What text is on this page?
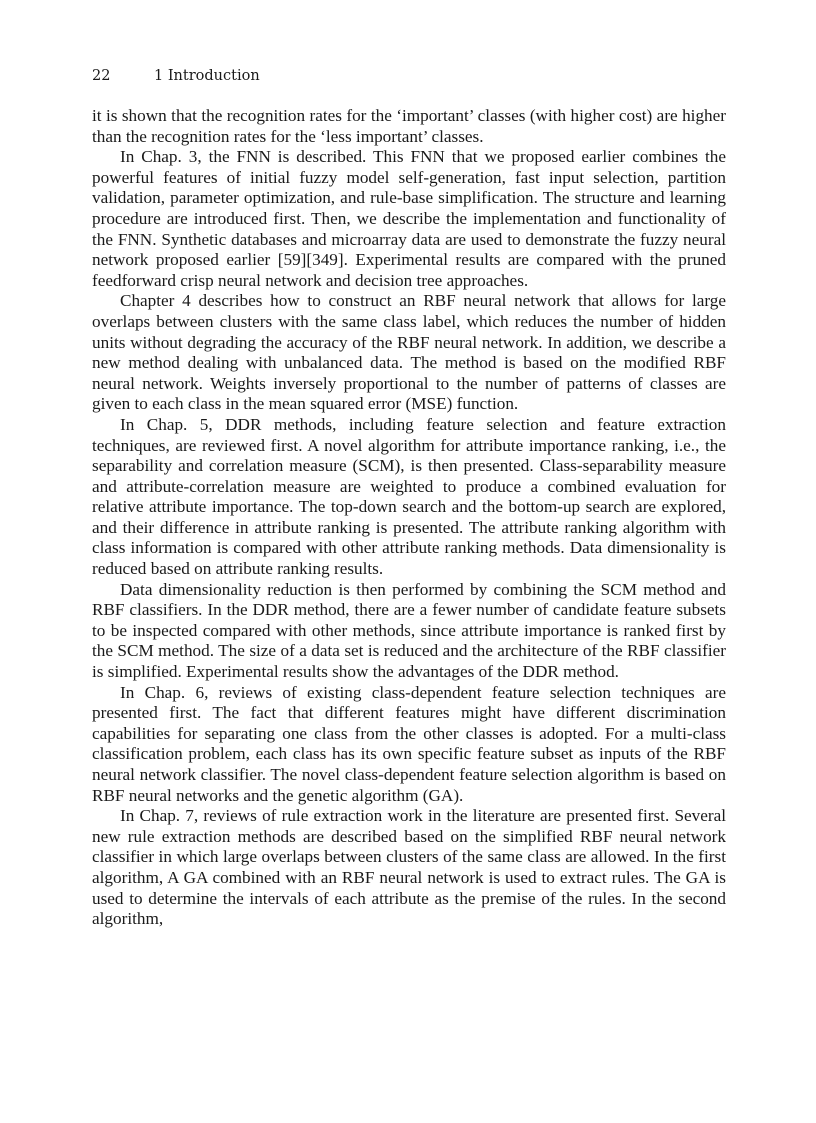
22	1 Introduction

it is shown that the recognition rates for the ‘important’ classes (with higher cost) are higher than the recognition rates for the ‘less important’ classes.

In Chap. 3, the FNN is described. This FNN that we proposed earlier combines the powerful features of initial fuzzy model self-generation, fast input selection, partition validation, parameter optimization, and rule-base simplification. The structure and learning procedure are introduced first. Then, we describe the implementation and functionality of the FNN. Synthetic databases and microarray data are used to demonstrate the fuzzy neural network proposed earlier [59][349]. Experimental results are compared with the pruned feedforward crisp neural network and decision tree approaches.

Chapter 4 describes how to construct an RBF neural network that allows for large overlaps between clusters with the same class label, which reduces the number of hidden units without degrading the accuracy of the RBF neural network. In addition, we describe a new method dealing with unbalanced data. The method is based on the modified RBF neural network. Weights inversely proportional to the number of patterns of classes are given to each class in the mean squared error (MSE) function.

In Chap. 5, DDR methods, including feature selection and feature extraction techniques, are reviewed first. A novel algorithm for attribute importance ranking, i.e., the separability and correlation measure (SCM), is then presented. Class-separability measure and attribute-correlation measure are weighted to produce a combined evaluation for relative attribute importance. The top-down search and the bottom-up search are explored, and their difference in attribute ranking is presented. The attribute ranking algorithm with class information is compared with other attribute ranking methods. Data dimensionality is reduced based on attribute ranking results.

Data dimensionality reduction is then performed by combining the SCM method and RBF classifiers. In the DDR method, there are a fewer number of candidate feature subsets to be inspected compared with other methods, since attribute importance is ranked first by the SCM method. The size of a data set is reduced and the architecture of the RBF classifier is simplified. Experimental results show the advantages of the DDR method.

In Chap. 6, reviews of existing class-dependent feature selection techniques are presented first. The fact that different features might have different discrimination capabilities for separating one class from the other classes is adopted. For a multi-class classification problem, each class has its own specific feature subset as inputs of the RBF neural network classifier. The novel class-dependent feature selection algorithm is based on RBF neural networks and the genetic algorithm (GA).

In Chap. 7, reviews of rule extraction work in the literature are presented first. Several new rule extraction methods are described based on the simplified RBF neural network classifier in which large overlaps between clusters of the same class are allowed. In the first algorithm, A GA combined with an RBF neural network is used to extract rules. The GA is used to determine the intervals of each attribute as the premise of the rules. In the second algorithm,
